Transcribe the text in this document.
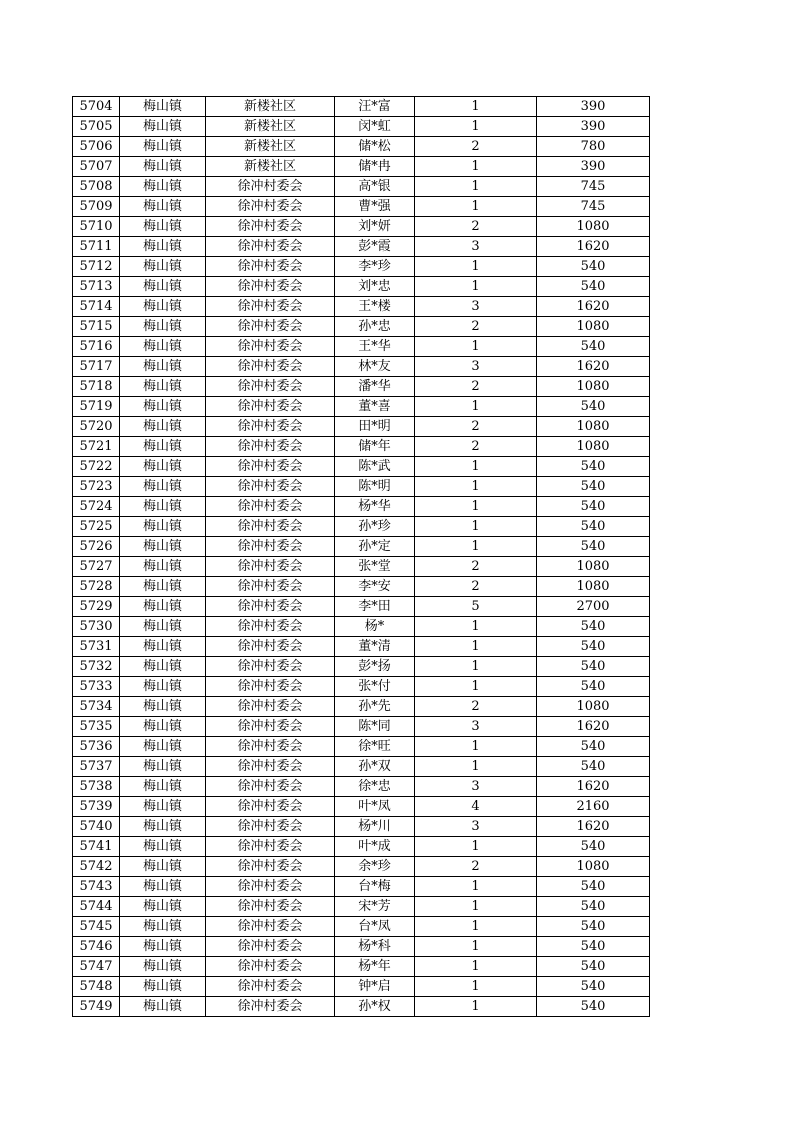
5704	梅山镇	新楼社区	汪*富	1	390
5705	梅山镇	新楼社区	闵*虹	1	390
5706	梅山镇	新楼社区	储*松	2	780
5707	梅山镇	新楼社区	储*冉	1	390
5708	梅山镇	徐冲村委会	高*银	1	745
5709	梅山镇	徐冲村委会	曹*强	1	745
5710	梅山镇	徐冲村委会	刘*妍	2	1080
5711	梅山镇	徐冲村委会	彭*霞	3	1620
5712	梅山镇	徐冲村委会	李*珍	1	540
5713	梅山镇	徐冲村委会	刘*忠	1	540
5714	梅山镇	徐冲村委会	王*楼	3	1620
5715	梅山镇	徐冲村委会	孙*忠	2	1080
5716	梅山镇	徐冲村委会	王*华	1	540
5717	梅山镇	徐冲村委会	林*友	3	1620
5718	梅山镇	徐冲村委会	潘*华	2	1080
5719	梅山镇	徐冲村委会	董*喜	1	540
5720	梅山镇	徐冲村委会	田*明	2	1080
5721	梅山镇	徐冲村委会	储*年	2	1080
5722	梅山镇	徐冲村委会	陈*武	1	540
5723	梅山镇	徐冲村委会	陈*明	1	540
5724	梅山镇	徐冲村委会	杨*华	1	540
5725	梅山镇	徐冲村委会	孙*珍	1	540
5726	梅山镇	徐冲村委会	孙*定	1	540
5727	梅山镇	徐冲村委会	张*堂	2	1080
5728	梅山镇	徐冲村委会	李*安	2	1080
5729	梅山镇	徐冲村委会	李*田	5	2700
5730	梅山镇	徐冲村委会	杨*	1	540
5731	梅山镇	徐冲村委会	董*清	1	540
5732	梅山镇	徐冲村委会	彭*扬	1	540
5733	梅山镇	徐冲村委会	张*付	1	540
5734	梅山镇	徐冲村委会	孙*先	2	1080
5735	梅山镇	徐冲村委会	陈*同	3	1620
5736	梅山镇	徐冲村委会	徐*旺	1	540
5737	梅山镇	徐冲村委会	孙*双	1	540
5738	梅山镇	徐冲村委会	徐*忠	3	1620
5739	梅山镇	徐冲村委会	叶*凤	4	2160
5740	梅山镇	徐冲村委会	杨*川	3	1620
5741	梅山镇	徐冲村委会	叶*成	1	540
5742	梅山镇	徐冲村委会	余*珍	2	1080
5743	梅山镇	徐冲村委会	台*梅	1	540
5744	梅山镇	徐冲村委会	宋*芳	1	540
5745	梅山镇	徐冲村委会	台*凤	1	540
5746	梅山镇	徐冲村委会	杨*科	1	540
5747	梅山镇	徐冲村委会	杨*年	1	540
5748	梅山镇	徐冲村委会	钟*启	1	540
5749	梅山镇	徐冲村委会	孙*权	1	540
